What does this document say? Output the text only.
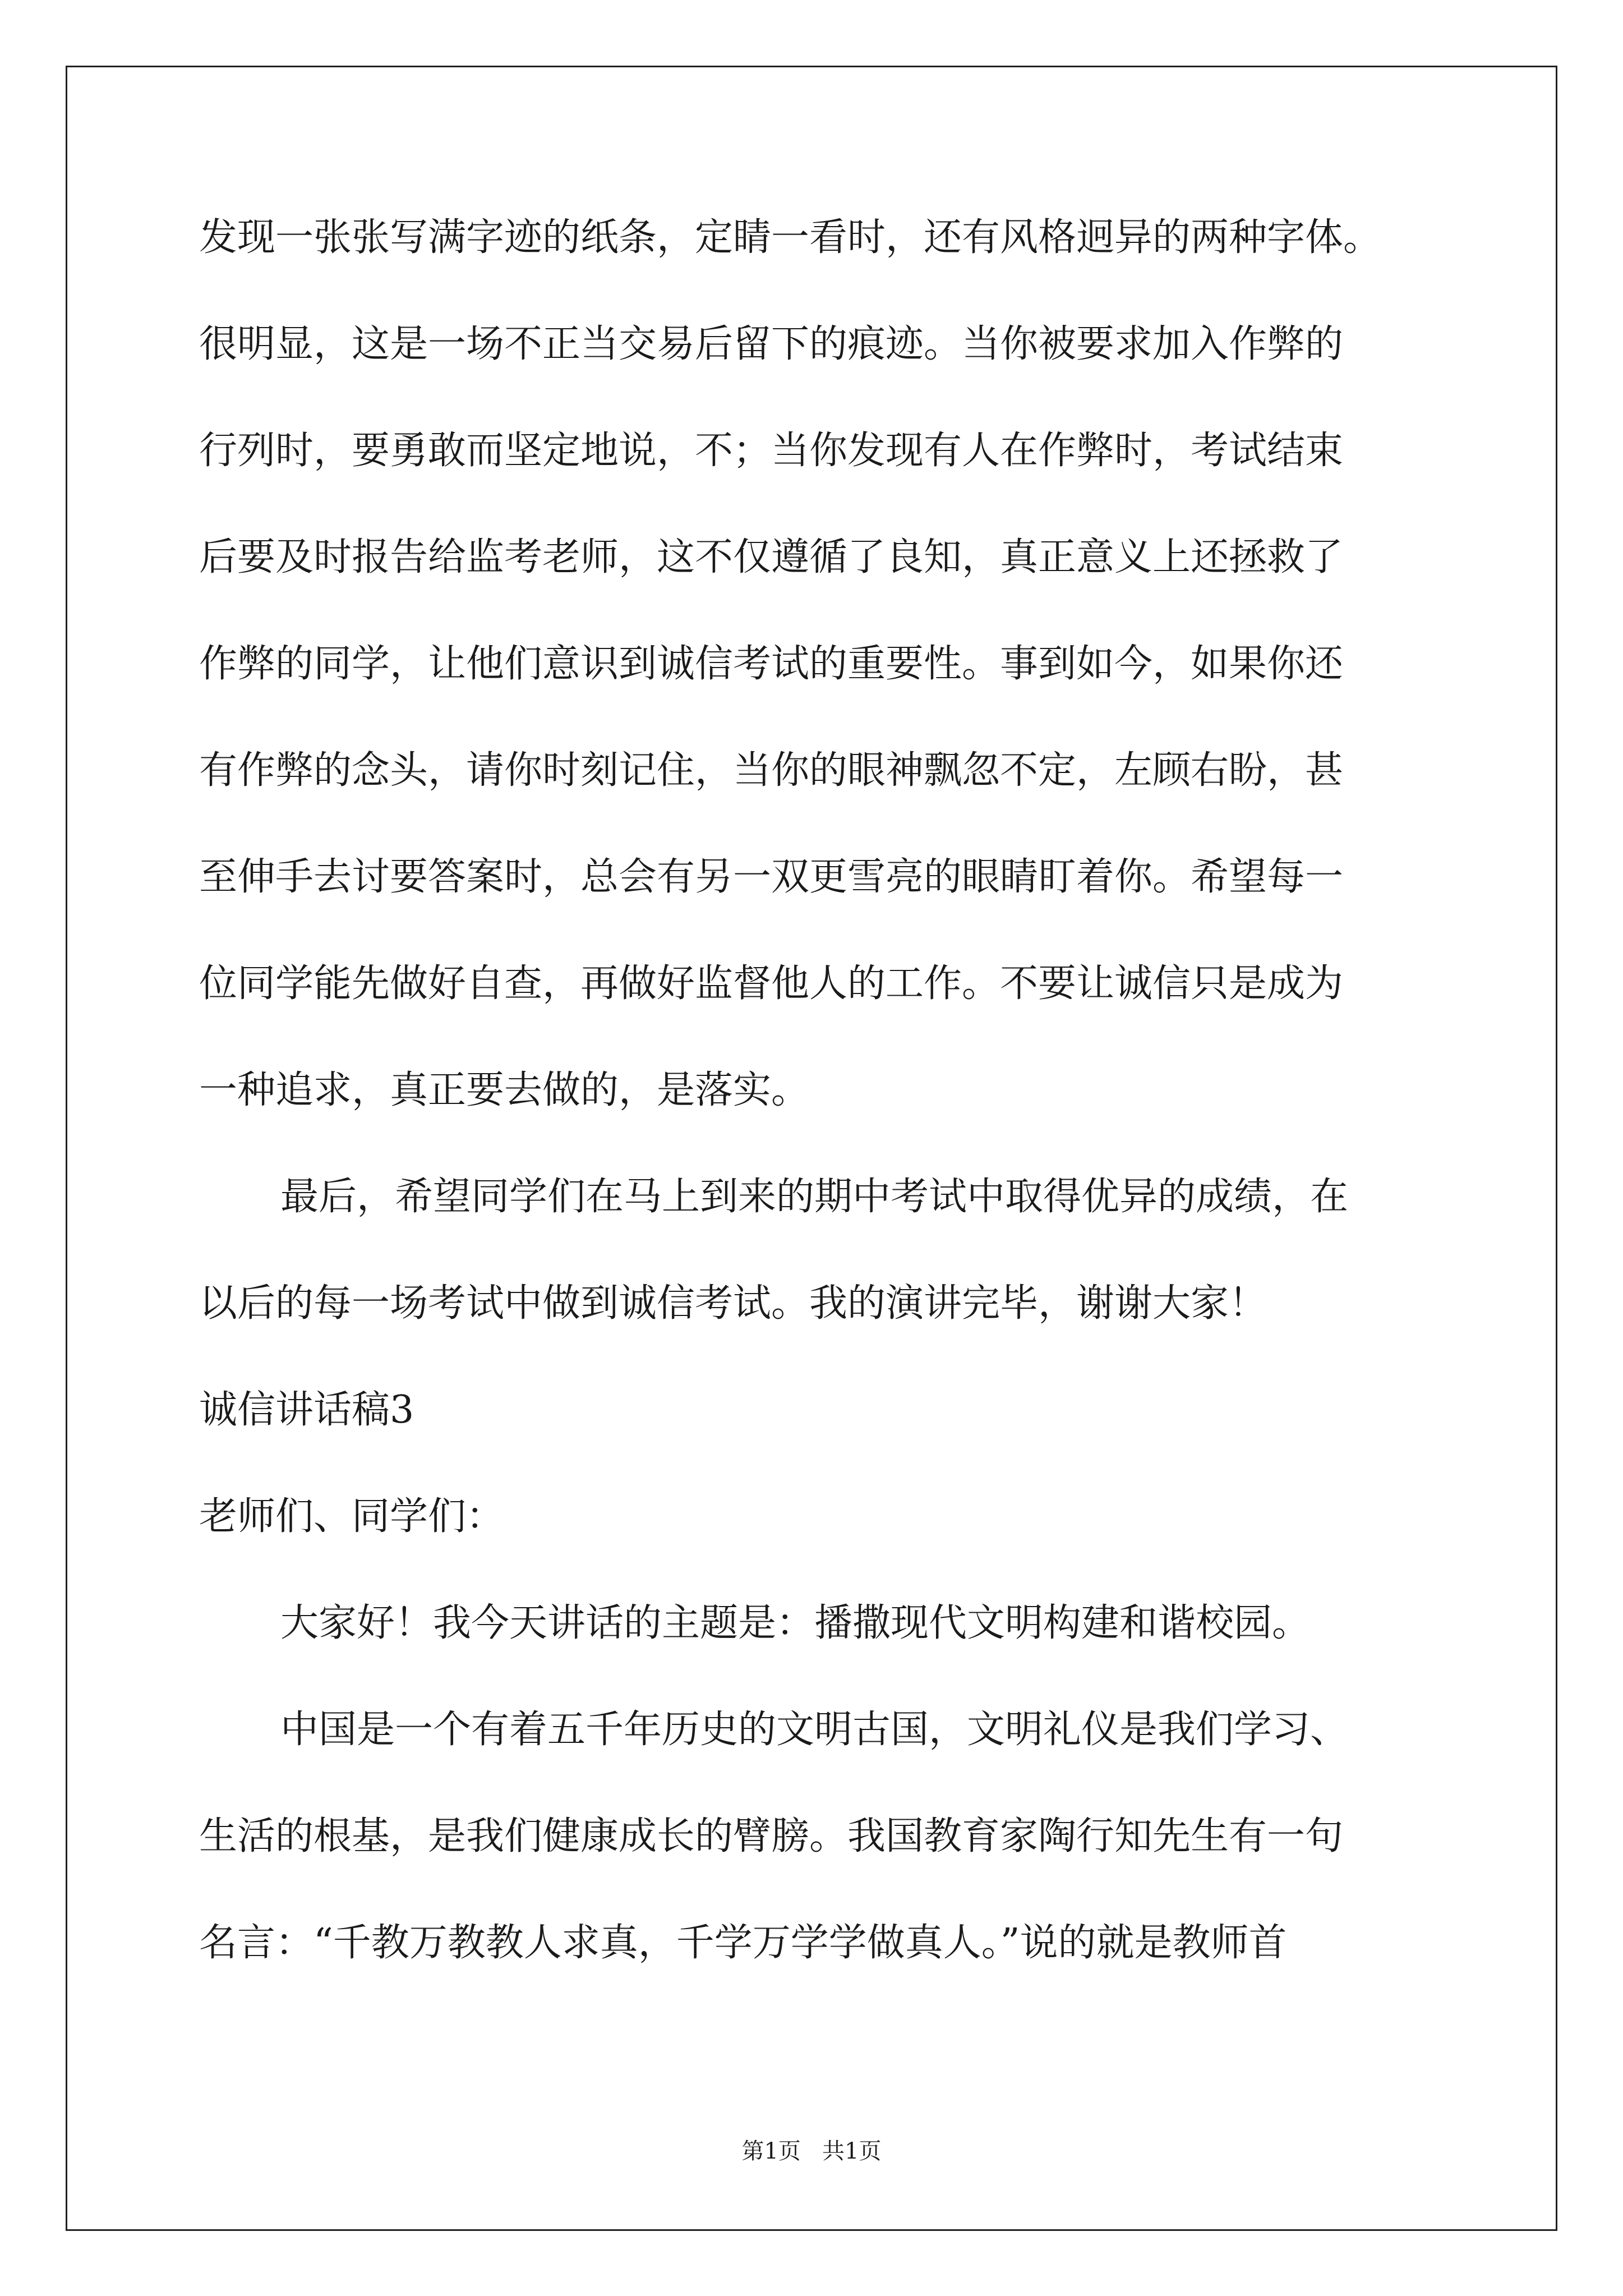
发现一张张写满字迹的纸条，定睛一看时，还有风格迥异的两种字体。
很明显，这是一场不正当交易后留下的痕迹。当你被要求加入作弊的
行列时，要勇敢而坚定地说，不；当你发现有人在作弊时，考试结束
后要及时报告给监考老师，这不仅遵循了良知，真正意义上还拯救了
作弊的同学，让他们意识到诚信考试的重要性。事到如今，如果你还
有作弊的念头，请你时刻记住，当你的眼神飘忽不定，左顾右盼，甚
至伸手去讨要答案时，总会有另一双更雪亮的眼睛盯着你。希望每一
位同学能先做好自查，再做好监督他人的工作。不要让诚信只是成为
一种追求，真正要去做的，是落实。
最后，希望同学们在马上到来的期中考试中取得优异的成绩，在
以后的每一场考试中做到诚信考试。我的演讲完毕，谢谢大家！
诚信讲话稿3
老师们、同学们：
大家好！我今天讲话的主题是：播撒现代文明构建和谐校园。
中国是一个有着五千年历史的文明古国，文明礼仪是我们学习、
生活的根基，是我们健康成长的臂膀。我国教育家陶行知先生有一句
名言：“千教万教教人求真，千学万学学做真人。”说的就是教师首
第1页   共1页
